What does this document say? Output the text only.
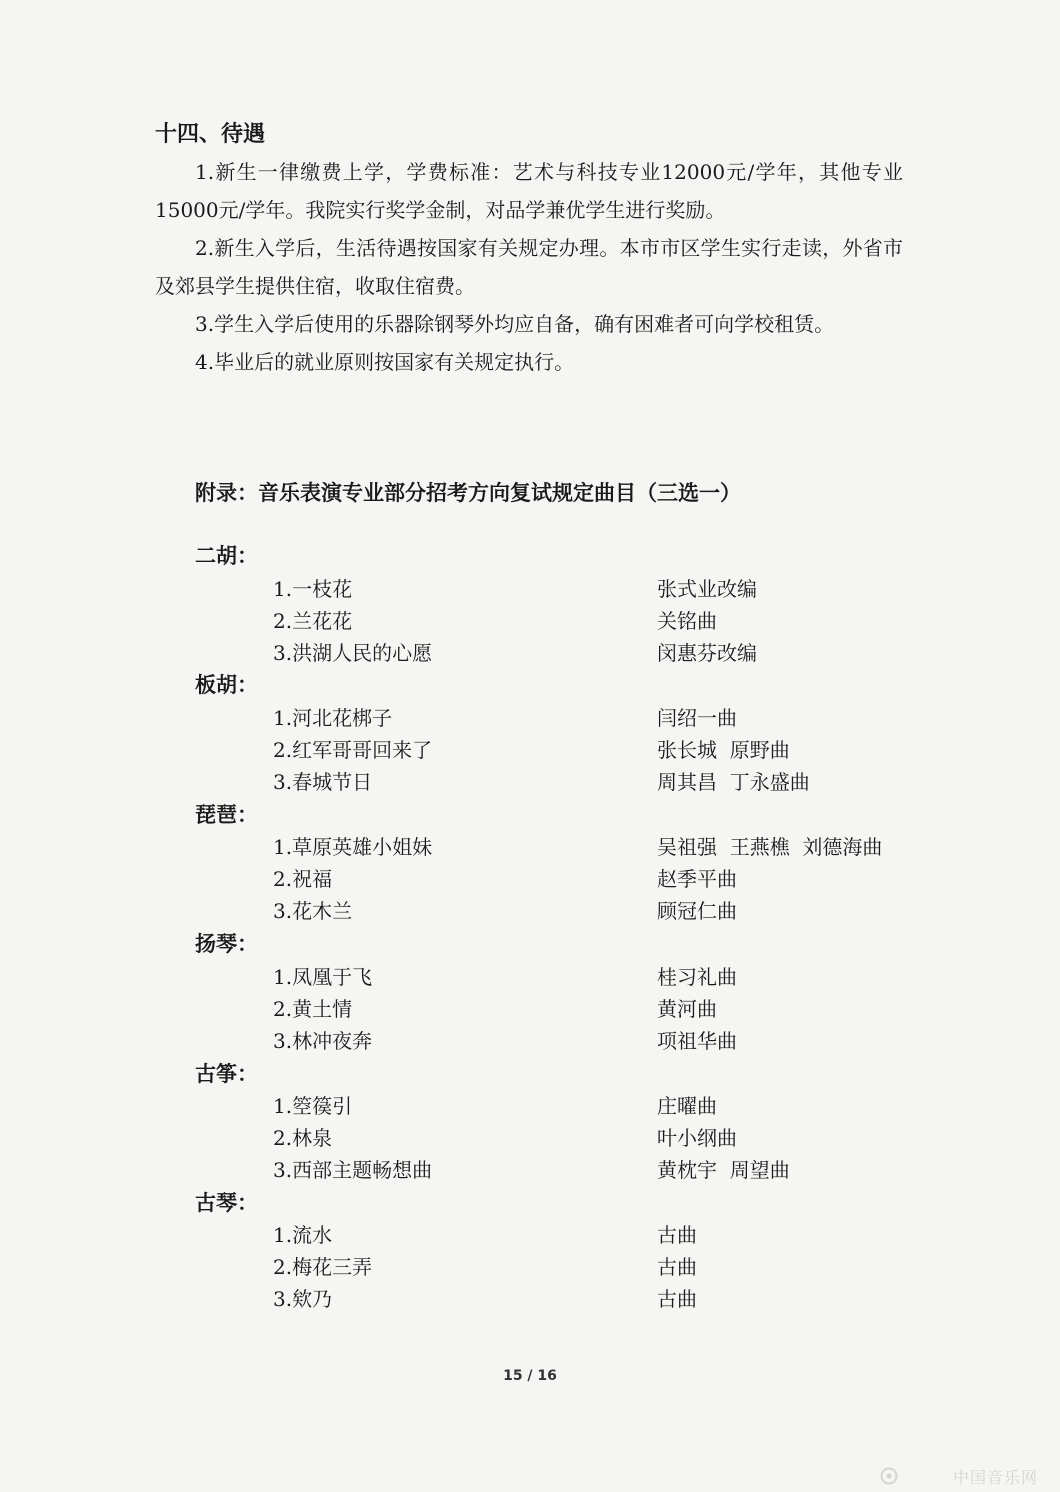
十四、待遇

1.新生一律缴费上学，学费标准：艺术与科技专业12000元/学年，其他专业15000元/学年。我院实行奖学金制，对品学兼优学生进行奖励。

2.新生入学后，生活待遇按国家有关规定办理。本市市区学生实行走读，外省市及郊县学生提供住宿，收取住宿费。

3.学生入学后使用的乐器除钢琴外均应自备，确有困难者可向学校租赁。

4.毕业后的就业原则按国家有关规定执行。

附录：音乐表演专业部分招考方向复试规定曲目（三选一）
二胡：
1.一枝花	张式业改编
2.兰花花	关铭曲
3.洪湖人民的心愿	闵惠芬改编
板胡：
1.河北花梆子	闫绍一曲
2.红军哥哥回来了	张长城  原野曲
3.春城节日	周其昌  丁永盛曲
琵琶：
1.草原英雄小姐妹	吴祖强  王燕樵  刘德海曲
2.祝福	赵季平曲
3.花木兰	顾冠仁曲
扬琴：
1.凤凰于飞	桂习礼曲
2.黄土情	黄河曲
3.林冲夜奔	项祖华曲
古筝：
1.箜篌引	庄曜曲
2.林泉	叶小纲曲
3.西部主题畅想曲	黄枕宇  周望曲
古琴：
1.流水	古曲
2.梅花三弄	古曲
3.欸乃	古曲
15 / 16
中国音乐网
